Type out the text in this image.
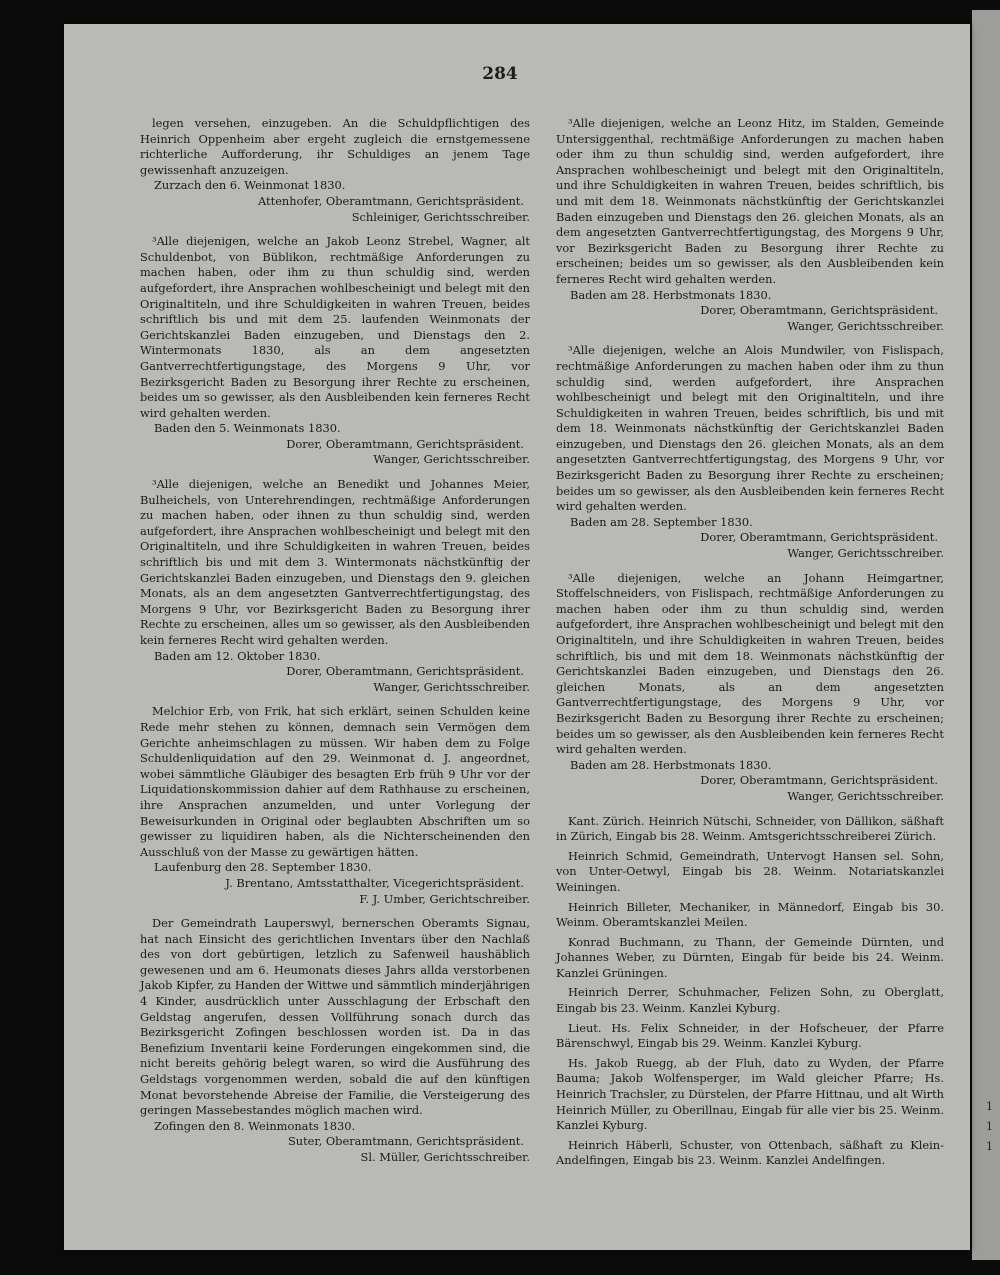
1
1
1
284

legen versehen, einzugeben. An die Schuldpflichtigen des Heinrich Oppenheim aber ergeht zugleich die ernstgemessene richterliche Aufforderung, ihr Schuldiges an jenem Tage gewissenhaft anzuzeigen.

Zurzach den 6. Weinmonat 1830.

Attenhofer, Oberamtmann, Gerichtspräsident.

Schleiniger, Gerichtsschreiber.

³Alle diejenigen, welche an Jakob Leonz Strebel, Wagner, alt Schuldenbot, von Büblikon, rechtmäßige Anforderungen zu machen haben, oder ihm zu thun schuldig sind, werden aufgefordert, ihre Ansprachen wohlbescheinigt und belegt mit den Originaltiteln, und ihre Schuldigkeiten in wahren Treuen, beides schriftlich bis und mit dem 25. laufenden Weinmonats der Gerichtskanzlei Baden einzugeben, und Dienstags den 2. Wintermonats 1830, als an dem angesetzten Gantverrechtfertigungstage, des Morgens 9 Uhr, vor Bezirksgericht Baden zu Besorgung ihrer Rechte zu erscheinen, beides um so gewisser, als den Ausbleibenden kein ferneres Recht wird gehalten werden.

Baden den 5. Weinmonats 1830.

Dorer, Oberamtmann, Gerichtspräsident.

Wanger, Gerichtsschreiber.

³Alle diejenigen, welche an Benedikt und Johannes Meier, Bulheichels, von Unterehrendingen, rechtmäßige Anforderungen zu machen haben, oder ihnen zu thun schuldig sind, werden aufgefordert, ihre Ansprachen wohlbescheinigt und belegt mit den Originaltiteln, und ihre Schuldigkeiten in wahren Treuen, beides schriftlich bis und mit dem 3. Wintermonats nächstkünftig der Gerichtskanzlei Baden einzugeben, und Dienstags den 9. gleichen Monats, als an dem angesetzten Gantverrechtfertigungstag, des Morgens 9 Uhr, vor Bezirksgericht Baden zu Besorgung ihrer Rechte zu erscheinen, alles um so gewisser, als den Ausbleibenden kein ferneres Recht wird gehalten werden.

Baden am 12. Oktober 1830.

Dorer, Oberamtmann, Gerichtspräsident.

Wanger, Gerichtsschreiber.

Melchior Erb, von Frik, hat sich erklärt, seinen Schulden keine Rede mehr stehen zu können, demnach sein Vermögen dem Gerichte anheimschlagen zu müssen. Wir haben dem zu Folge Schuldenliquidation auf den 29. Weinmonat d. J. angeordnet, wobei sämmtliche Gläubiger des besagten Erb früh 9 Uhr vor der Liquidationskommission dahier auf dem Rathhause zu erscheinen, ihre Ansprachen anzumelden, und unter Vorlegung der Beweisurkunden in Original oder beglaubten Abschriften um so gewisser zu liquidiren haben, als die Nichterscheinenden den Ausschluß von der Masse zu gewärtigen hätten.

Laufenburg den 28. September 1830.

J. Brentano, Amtsstatthalter, Vicegerichtspräsident.

F. J. Umber, Gerichtschreiber.

Der Gemeindrath Lauperswyl, bernerschen Oberamts Signau, hat nach Einsicht des gerichtlichen Inventars über den Nachlaß des von dort gebürtigen, letzlich zu Safenweil haushäblich gewesenen und am 6. Heumonats dieses Jahrs allda verstorbenen Jakob Kipfer, zu Handen der Wittwe und sämmtlich minderjährigen 4 Kinder, ausdrücklich unter Ausschlagung der Erbschaft den Geldstag angerufen, dessen Vollführung sonach durch das Bezirksgericht Zofingen beschlossen worden ist. Da in das Benefizium Inventarii keine Forderungen eingekommen sind, die nicht bereits gehörig belegt waren, so wird die Ausführung des Geldstags vorgenommen werden, sobald die auf den künftigen Monat bevorstehende Abreise der Familie, die Versteigerung des geringen Massebestandes möglich machen wird.

Zofingen den 8. Weinmonats 1830.

Suter, Oberamtmann, Gerichtspräsident.

Sl. Müller, Gerichtsschreiber.

³Alle diejenigen, welche an Leonz Hitz, im Stalden, Gemeinde Untersiggenthal, rechtmäßige Anforderungen zu machen haben oder ihm zu thun schuldig sind, werden aufgefordert, ihre Ansprachen wohlbescheinigt und belegt mit den Originaltiteln, und ihre Schuldigkeiten in wahren Treuen, beides schriftlich, bis und mit dem 18. Weinmonats nächstkünftig der Gerichtskanzlei Baden einzugeben und Dienstags den 26. gleichen Monats, als an dem angesetzten Gantverrechtfertigungstag, des Morgens 9 Uhr, vor Bezirksgericht Baden zu Besorgung ihrer Rechte zu erscheinen; beides um so gewisser, als den Ausbleibenden kein ferneres Recht wird gehalten werden.

Baden am 28. Herbstmonats 1830.

Dorer, Oberamtmann, Gerichtspräsident.

Wanger, Gerichtsschreiber.

³Alle diejenigen, welche an Alois Mundwiler, von Fislispach, rechtmäßige Anforderungen zu machen haben oder ihm zu thun schuldig sind, werden aufgefordert, ihre Ansprachen wohlbescheinigt und belegt mit den Originaltiteln, und ihre Schuldigkeiten in wahren Treuen, beides schriftlich, bis und mit dem 18. Weinmonats nächstkünftig der Gerichtskanzlei Baden einzugeben, und Dienstags den 26. gleichen Monats, als an dem angesetzten Gantverrechtfertigungstag, des Morgens 9 Uhr, vor Bezirksgericht Baden zu Besorgung ihrer Rechte zu erscheinen; beides um so gewisser, als den Ausbleibenden kein ferneres Recht wird gehalten werden.

Baden am 28. September 1830.

Dorer, Oberamtmann, Gerichtspräsident.

Wanger, Gerichtsschreiber.

³Alle diejenigen, welche an Johann Heimgartner, Stoffelschneiders, von Fislispach, rechtmäßige Anforderungen zu machen haben oder ihm zu thun schuldig sind, werden aufgefordert, ihre Ansprachen wohlbescheinigt und belegt mit den Originaltiteln, und ihre Schuldigkeiten in wahren Treuen, beides schriftlich, bis und mit dem 18. Weinmonats nächstkünftig der Gerichtskanzlei Baden einzugeben, und Dienstags den 26. gleichen Monats, als an dem angesetzten Gantverrechtfertigungstage, des Morgens 9 Uhr, vor Bezirksgericht Baden zu Besorgung ihrer Rechte zu erscheinen; beides um so gewisser, als den Ausbleibenden kein ferneres Recht wird gehalten werden.

Baden am 28. Herbstmonats 1830.

Dorer, Oberamtmann, Gerichtspräsident.

Wanger, Gerichtsschreiber.

Kant. Zürich. Heinrich Nütschi, Schneider, von Dällikon, säßhaft in Zürich, Eingab bis 28. Weinm. Amtsgerichtsschreiberei Zürich.

Heinrich Schmid, Gemeindrath, Untervogt Hansen sel. Sohn, von Unter-Oetwyl, Eingab bis 28. Weinm. Notariatskanzlei Weiningen.

Heinrich Billeter, Mechaniker, in Männedorf, Eingab bis 30. Weinm. Oberamtskanzlei Meilen.

Konrad Buchmann, zu Thann, der Gemeinde Dürnten, und Johannes Weber, zu Dürnten, Eingab für beide bis 24. Weinm. Kanzlei Grüningen.

Heinrich Derrer, Schuhmacher, Felizen Sohn, zu Oberglatt, Eingab bis 23. Weinm. Kanzlei Kyburg.

Lieut. Hs. Felix Schneider, in der Hofscheuer, der Pfarre Bärenschwyl, Eingab bis 29. Weinm. Kanzlei Kyburg.

Hs. Jakob Ruegg, ab der Fluh, dato zu Wyden, der Pfarre Bauma; Jakob Wolfensperger, im Wald gleicher Pfarre; Hs. Heinrich Trachsler, zu Dürstelen, der Pfarre Hittnau, und alt Wirth Heinrich Müller, zu Oberillnau, Eingab für alle vier bis 25. Weinm. Kanzlei Kyburg.

Heinrich Häberli, Schuster, von Ottenbach, säßhaft zu Klein-Andelfingen, Eingab bis 23. Weinm. Kanzlei Andelfingen.
